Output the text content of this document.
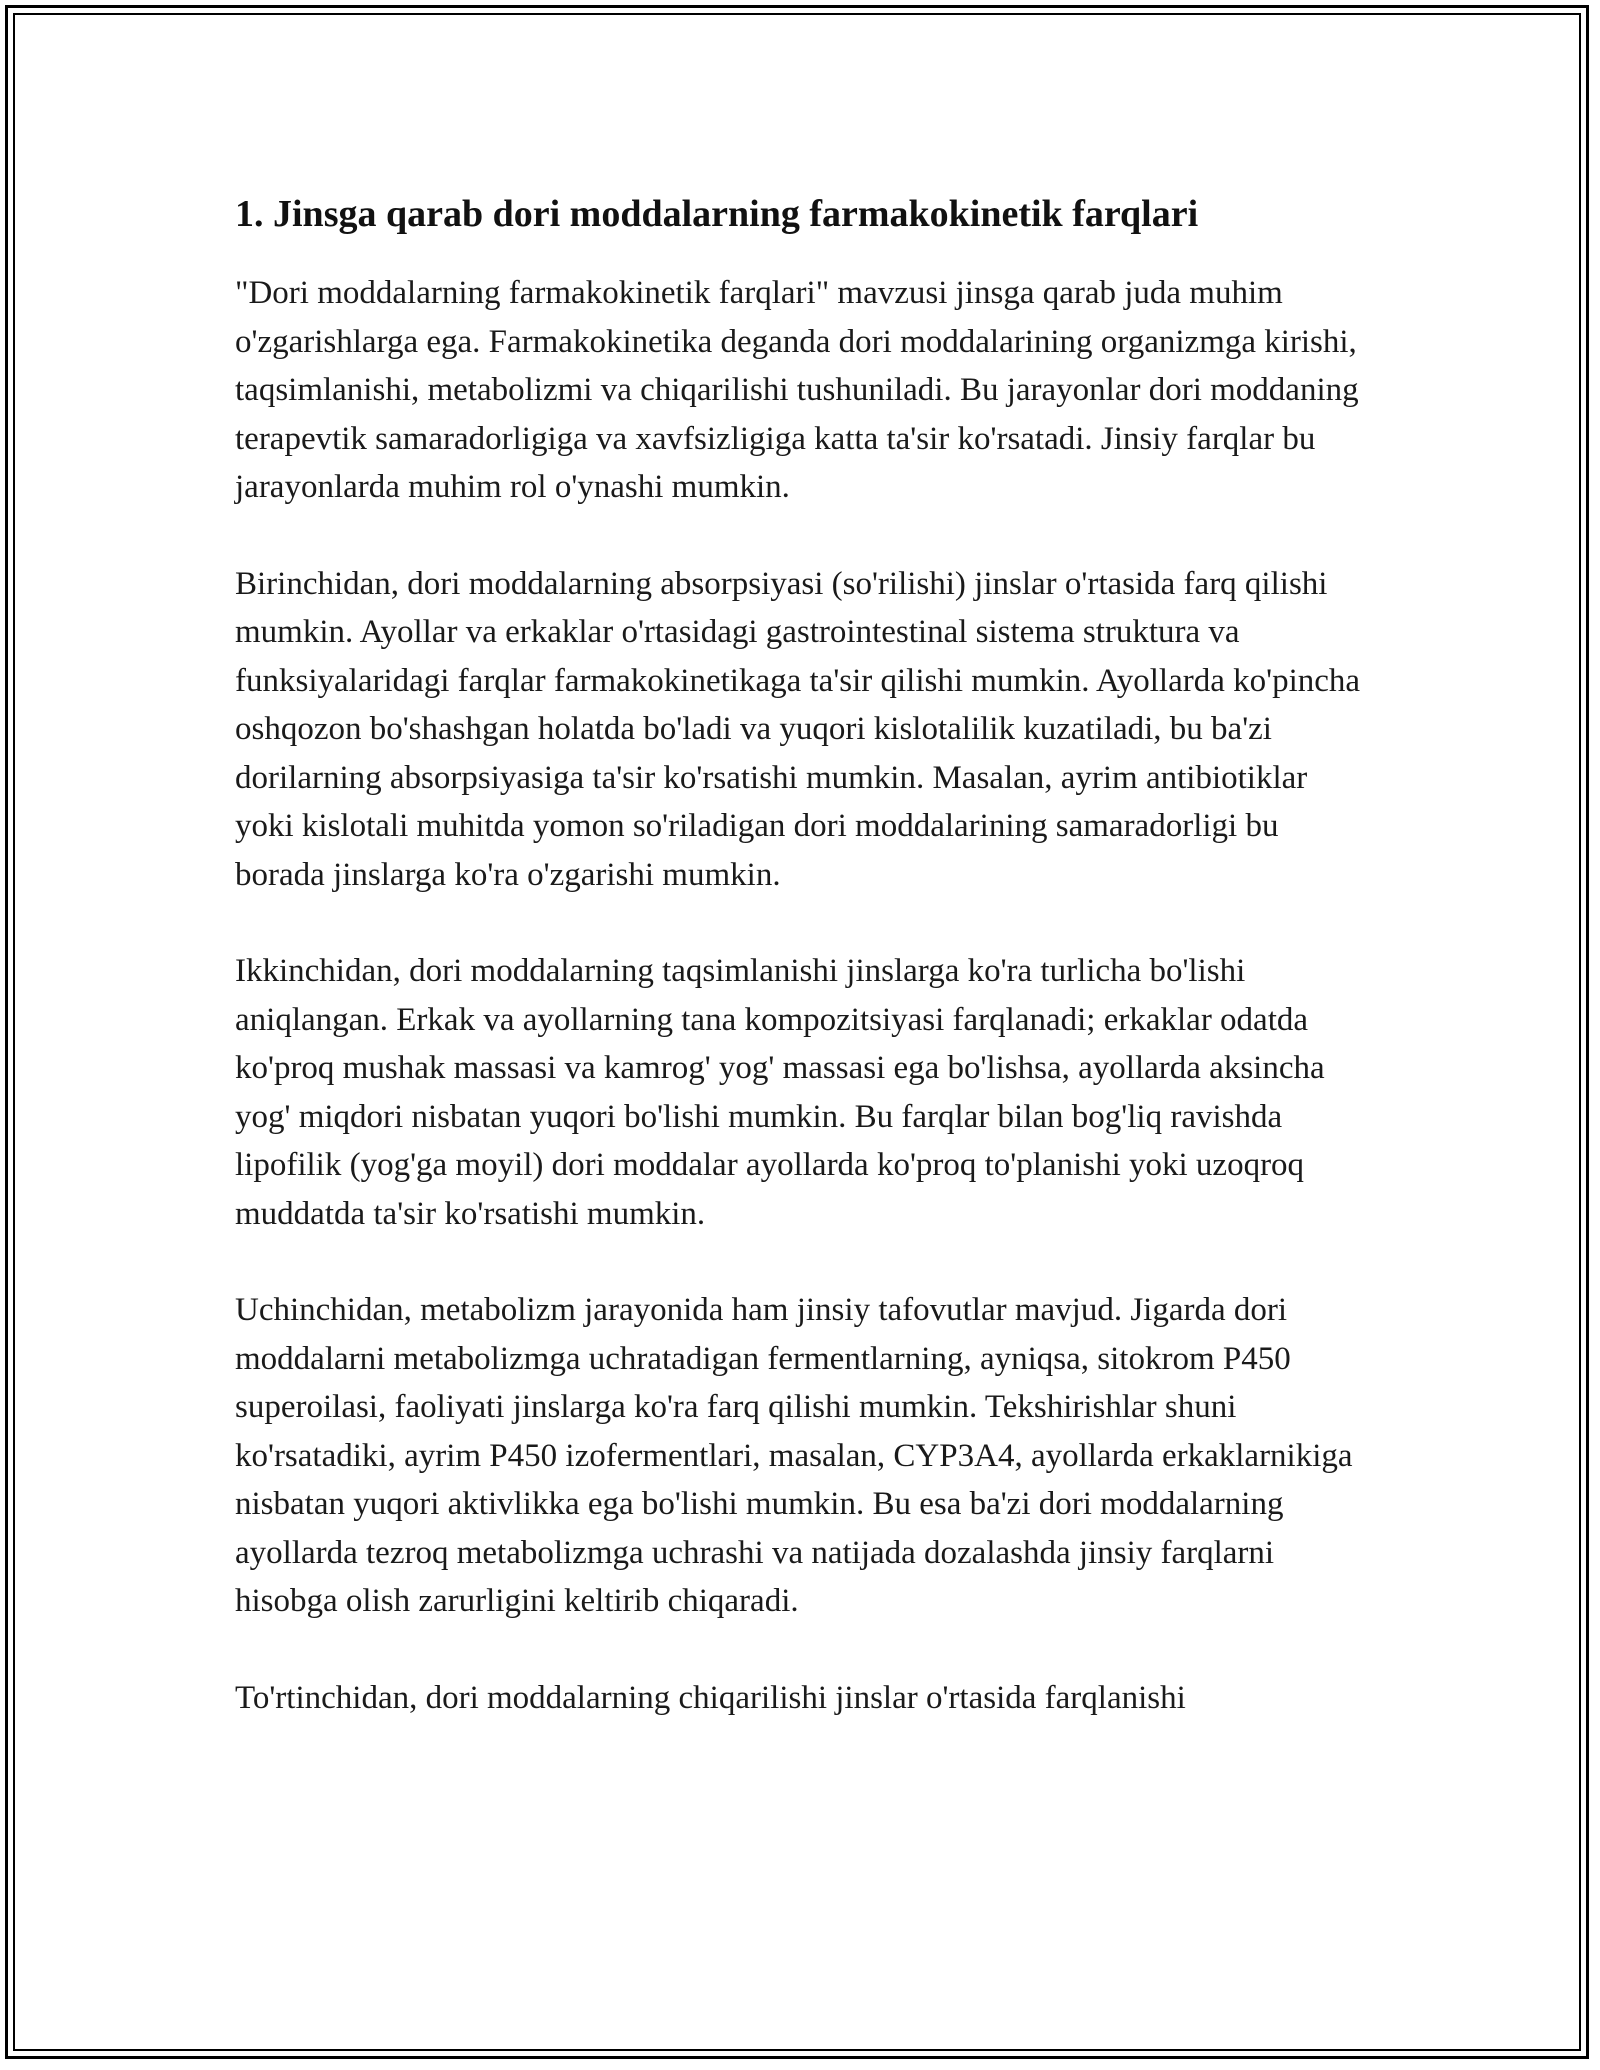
1. Jinsga qarab dori moddalarning farmakokinetik farqlari

"Dori moddalarning farmakokinetik farqlari" mavzusi jinsga qarab juda muhim o'zgarishlarga ega. Farmakokinetika deganda dori moddalarining organizmga kirishi, taqsimlanishi, metabolizmi va chiqarilishi tushuniladi. Bu jarayonlar dori moddaning terapevtik samaradorligiga va xavfsizligiga katta ta'sir ko'rsatadi. Jinsiy farqlar bu jarayonlarda muhim rol o'ynashi mumkin.

Birinchidan, dori moddalarning absorpsiyasi (so'rilishi) jinslar o'rtasida farq qilishi mumkin. Ayollar va erkaklar o'rtasidagi gastrointestinal sistema struktura va funksiyalaridagi farqlar farmakokinetikaga ta'sir qilishi mumkin. Ayollarda ko'pincha oshqozon bo'shashgan holatda bo'ladi va yuqori kislotalilik kuzatiladi, bu ba'zi dorilarning absorpsiyasiga ta'sir ko'rsatishi mumkin. Masalan, ayrim antibiotiklar yoki kislotali muhitda yomon so'riladigan dori moddalarining samaradorligi bu borada jinslarga ko'ra o'zgarishi mumkin.

Ikkinchidan, dori moddalarning taqsimlanishi jinslarga ko'ra turlicha bo'lishi aniqlangan. Erkak va ayollarning tana kompozitsiyasi farqlanadi; erkaklar odatda ko'proq mushak massasi va kamrog' yog' massasi ega bo'lishsa, ayollarda aksincha yog' miqdori nisbatan yuqori bo'lishi mumkin. Bu farqlar bilan bog'liq ravishda lipofilik (yog'ga moyil) dori moddalar ayollarda ko'proq to'planishi yoki uzoqroq muddatda ta'sir ko'rsatishi mumkin.

Uchinchidan, metabolizm jarayonida ham jinsiy tafovutlar mavjud. Jigarda dori moddalarni metabolizmga uchratadigan fermentlarning, ayniqsa, sitokrom P450 superoilasi, faoliyati jinslarga ko'ra farq qilishi mumkin. Tekshirishlar shuni ko'rsatadiki, ayrim P450 izofermentlari, masalan, CYP3A4, ayollarda erkaklarnikiga nisbatan yuqori aktivlikka ega bo'lishi mumkin. Bu esa ba'zi dori moddalarning ayollarda tezroq metabolizmga uchrashi va natijada dozalashda jinsiy farqlarni hisobga olish zarurligini keltirib chiqaradi.

To'rtinchidan, dori moddalarning chiqarilishi jinslar o'rtasida farqlanishi
